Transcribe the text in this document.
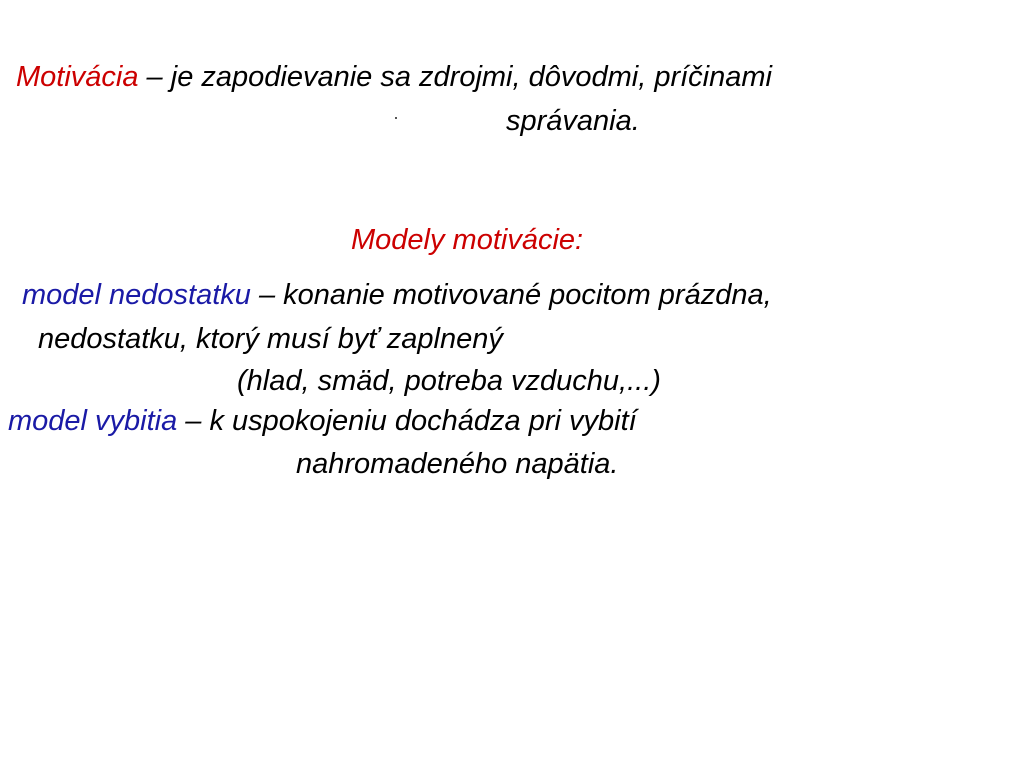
Motivácia – je zapodievanie sa zdrojmi, dôvodmi, príčinami
správania.
Modely motivácie:
model nedostatku – konanie motivované pocitom prázdna,
nedostatku, ktorý musí byť zaplnený
(hlad, smäd, potreba vzduchu,...)
model vybitia – k uspokojeniu dochádza pri vybití
nahromadeného napätia.
